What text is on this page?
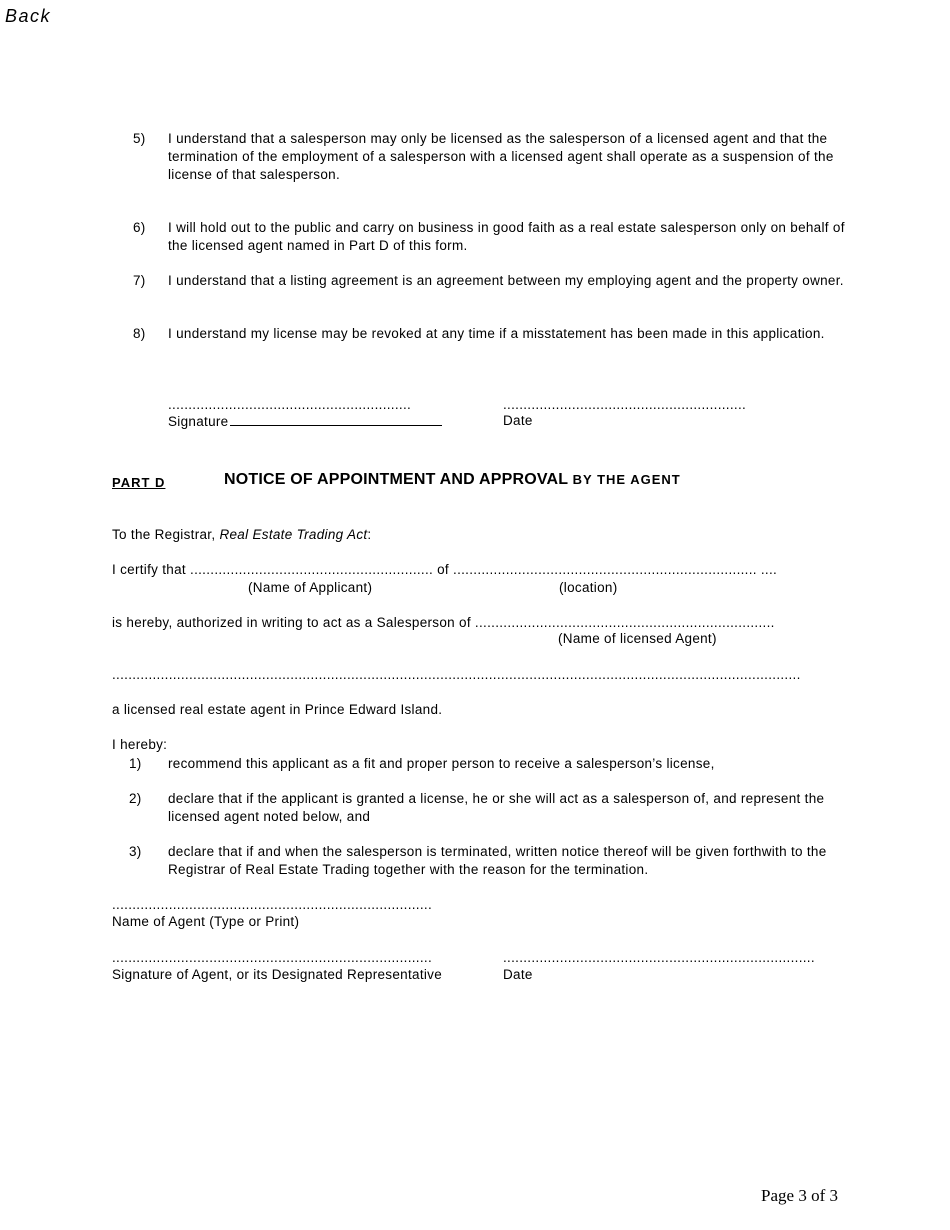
Back
5) I understand that a salesperson may only be licensed as the salesperson of a licensed agent and that the termination of the employment of a salesperson with a licensed agent shall operate as a suspension of the license of that salesperson.
6) I will hold out to the public and carry on business in good faith as a real estate salesperson only on behalf of the licensed agent named in Part D of this form.
7) I understand that a listing agreement is an agreement between my employing agent and the property owner.
8) I understand my license may be revoked at any time if a misstatement has been made in this application.
............................................................	............................................................
Signature	Date
PART D	NOTICE OF APPOINTMENT AND APPROVAL BY THE AGENT
To the Registrar, Real Estate Trading Act:
I certify that ............................................................ of ........................................................................... ....
(Name of Applicant)	(location)
is hereby, authorized in writing to act as a Salesperson of ..........................................................................
(Name of licensed Agent)
..........................................................................................................................................................................
a licensed real estate agent in Prince Edward Island.
I hereby:
1) recommend this applicant as a fit and proper person to receive a salesperson’s license,
2) declare that if the applicant is granted a license, he or she will act as a salesperson of, and represent the licensed agent noted below, and
3) declare that if and when the salesperson is terminated, written notice thereof will be given forthwith to the Registrar of Real Estate Trading together with the reason for the termination.
...............................................................................
Name of Agent (Type or Print)
...............................................................................	.............................................................................
Signature of Agent, or its Designated Representative	Date
Page 3 of 3
